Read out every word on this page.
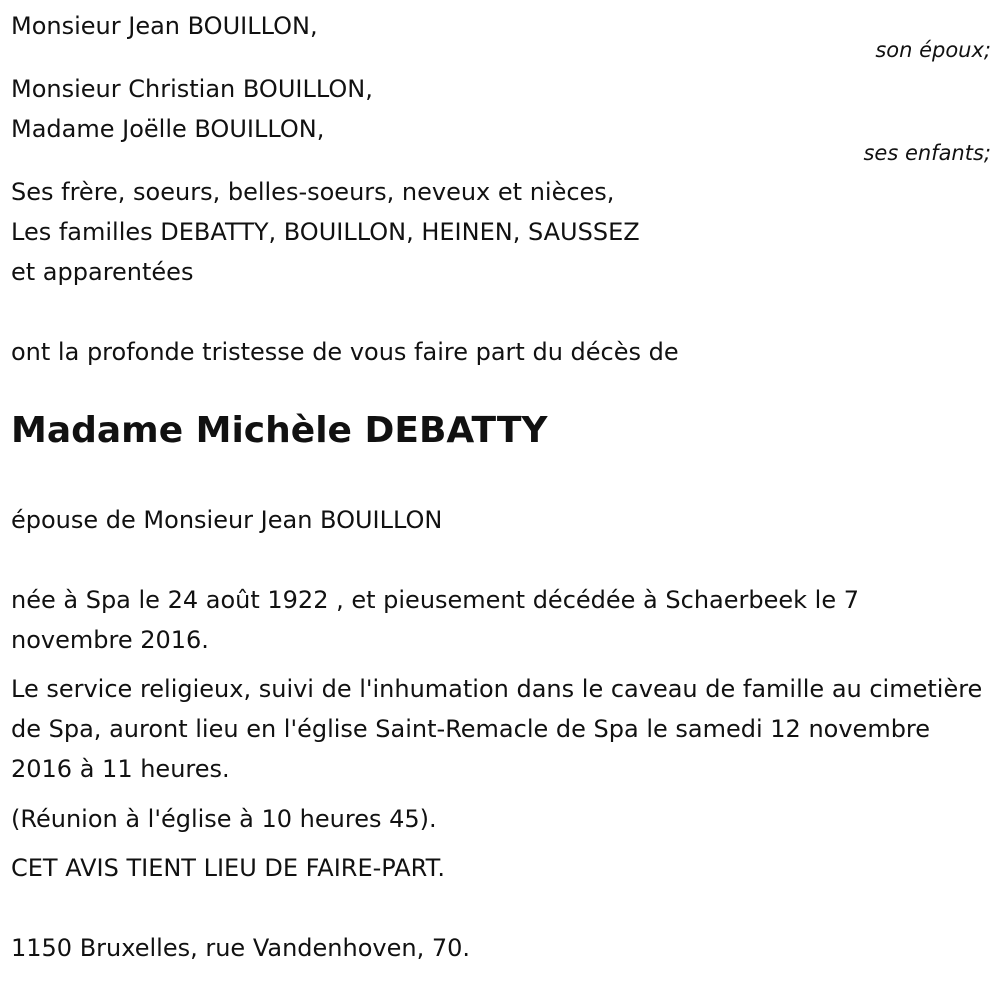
Monsieur Jean BOUILLON,
son époux;
Monsieur Christian BOUILLON,
Madame Joëlle BOUILLON,
ses enfants;
Ses frère, soeurs, belles-soeurs, neveux et nièces,
Les familles DEBATTY, BOUILLON, HEINEN, SAUSSEZ
et apparentées
ont la profonde tristesse de vous faire part du décès de
Madame Michèle DEBATTY
épouse de Monsieur Jean BOUILLON
née à Spa le 24 août 1922 , et pieusement décédée à Schaerbeek le 7 novembre 2016.
Le service religieux, suivi de l'inhumation dans le caveau de famille au cimetière de Spa, auront lieu en l'église Saint-Remacle de Spa le samedi 12 novembre 2016 à 11 heures.
(Réunion à l'église à 10 heures 45).
CET AVIS TIENT LIEU DE FAIRE-PART.
1150 Bruxelles, rue Vandenhoven, 70.
